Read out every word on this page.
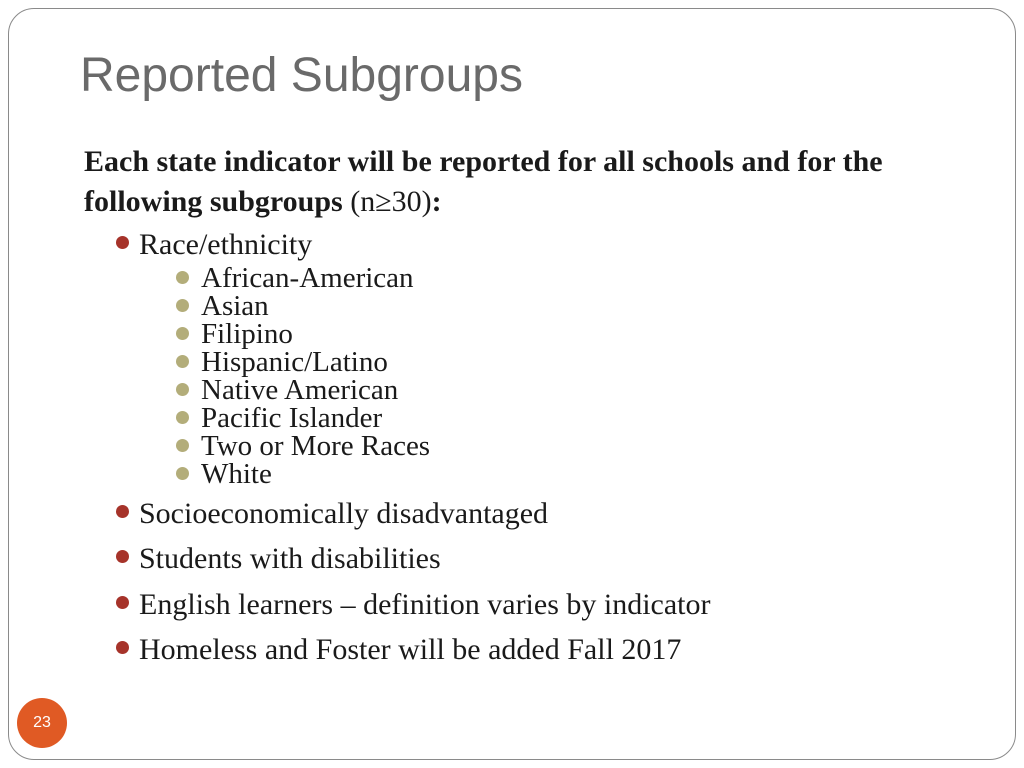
Reported Subgroups

Each state indicator will be reported for all schools and for the following subgroups (n≥30):

Race/ethnicity
African-American
Asian
Filipino
Hispanic/Latino
Native American
Pacific Islander
Two or More Races
White
Socioeconomically disadvantaged
Students with disabilities
English learners – definition varies by indicator
Homeless and Foster will be added Fall 2017
23
